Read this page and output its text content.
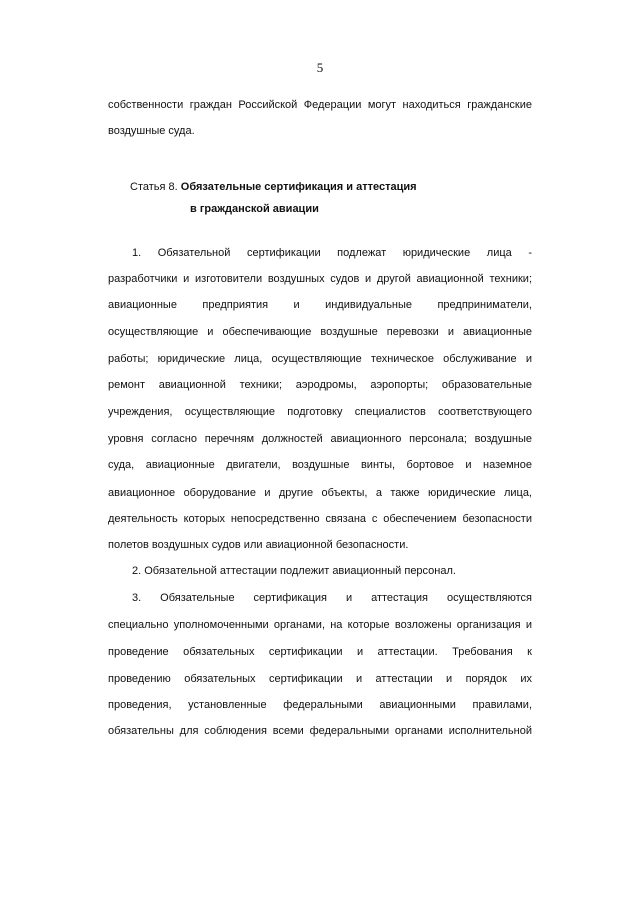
5

собственности граждан Российской Федерации могут находиться гражданские

воздушные суда.

Статья 8. Обязательные сертификация и аттестация

в гражданской авиации

1. Обязательной сертификации подлежат юридические лица -

разработчики и изготовители воздушных судов и другой авиационной техники;

авиационные предприятия и индивидуальные предприниматели,

осуществляющие и обеспечивающие воздушные перевозки и авиационные

работы; юридические лица, осуществляющие техническое обслуживание и

ремонт авиационной техники; аэродромы, аэропорты; образовательные

учреждения, осуществляющие подготовку специалистов соответствующего

уровня согласно перечням должностей авиационного персонала; воздушные

суда, авиационные двигатели, воздушные винты, бортовое и наземное

авиационное оборудование и другие объекты, а также юридические лица,

деятельность которых непосредственно связана с обеспечением безопасности

полетов воздушных судов или авиационной безопасности.

2. Обязательной аттестации подлежит авиационный персонал.

3. Обязательные сертификация и аттестация осуществляются

специально уполномоченными органами, на которые возложены организация и

проведение обязательных сертификации и аттестации. Требования к

проведению обязательных сертификации и аттестации и порядок их

проведения, установленные федеральными авиационными правилами,

обязательны для соблюдения всеми федеральными органами исполнительной
